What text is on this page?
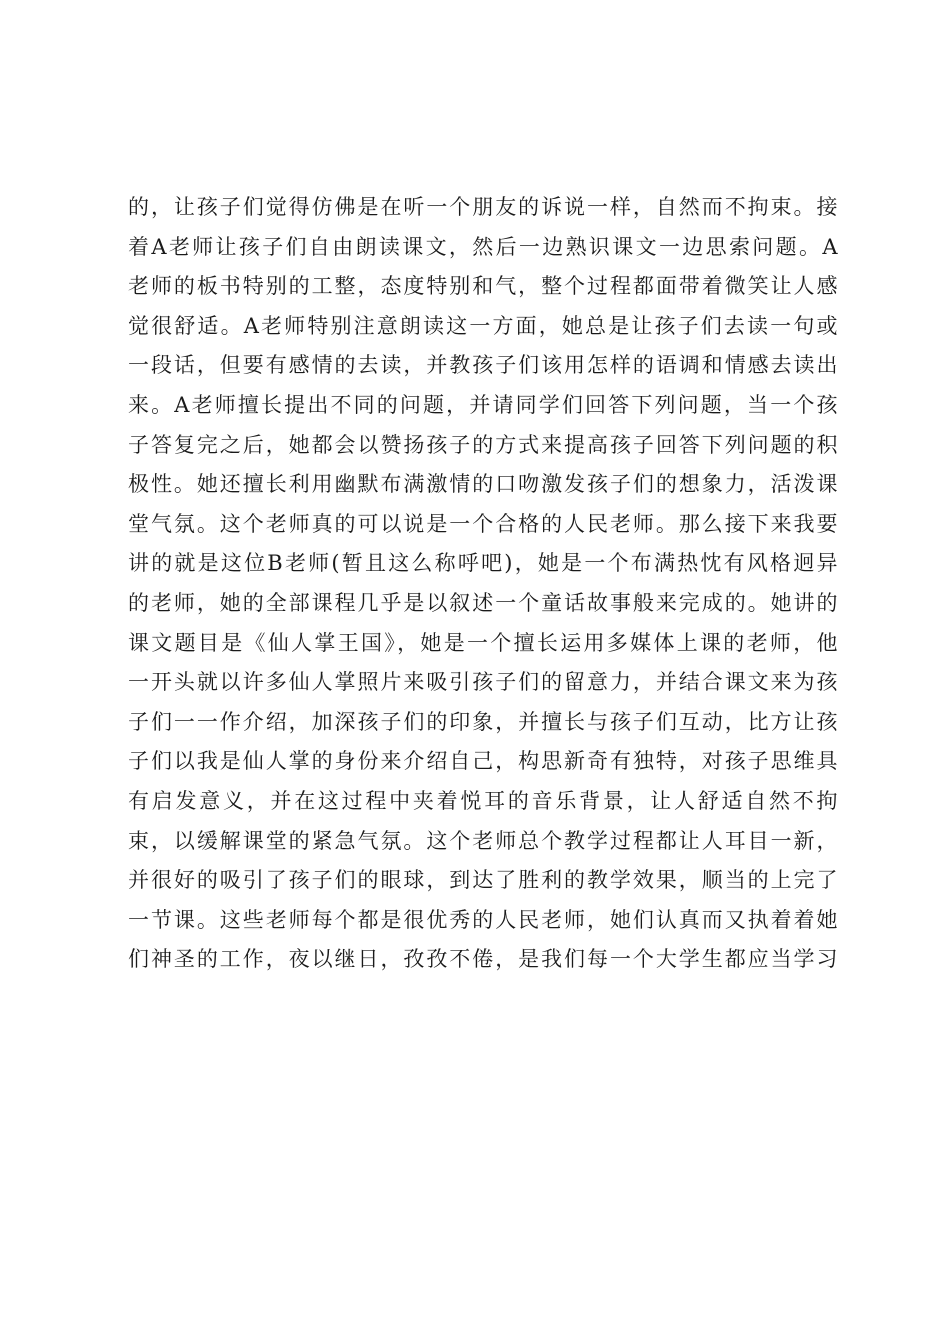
的，让孩子们觉得仿佛是在听一个朋友的诉说一样，自然而不拘束。接
着A老师让孩子们自由朗读课文，然后一边熟识课文一边思索问题。A
老师的板书特别的工整，态度特别和气，整个过程都面带着微笑让人感
觉很舒适。A老师特别注意朗读这一方面，她总是让孩子们去读一句或
一段话，但要有感情的去读，并教孩子们该用怎样的语调和情感去读出
来。A老师擅长提出不同的问题，并请同学们回答下列问题，当一个孩
子答复完之后，她都会以赞扬孩子的方式来提高孩子回答下列问题的积
极性。她还擅长利用幽默布满激情的口吻激发孩子们的想象力，活泼课
堂气氛。这个老师真的可以说是一个合格的人民老师。那么接下来我要
讲的就是这位B老师(暂且这么称呼吧)，她是一个布满热忱有风格迥异
的老师，她的全部课程几乎是以叙述一个童话故事般来完成的。她讲的
课文题目是《仙人掌王国》，她是一个擅长运用多媒体上课的老师，他
一开头就以许多仙人掌照片来吸引孩子们的留意力，并结合课文来为孩
子们一一作介绍，加深孩子们的印象，并擅长与孩子们互动，比方让孩
子们以我是仙人掌的身份来介绍自己，构思新奇有独特，对孩子思维具
有启发意义，并在这过程中夹着悦耳的音乐背景，让人舒适自然不拘
束，以缓解课堂的紧急气氛。这个老师总个教学过程都让人耳目一新，
并很好的吸引了孩子们的眼球，到达了胜利的教学效果，顺当的上完了
一节课。这些老师每个都是很优秀的人民老师，她们认真而又执着着她
们神圣的工作，夜以继日，孜孜不倦，是我们每一个大学生都应当学习
